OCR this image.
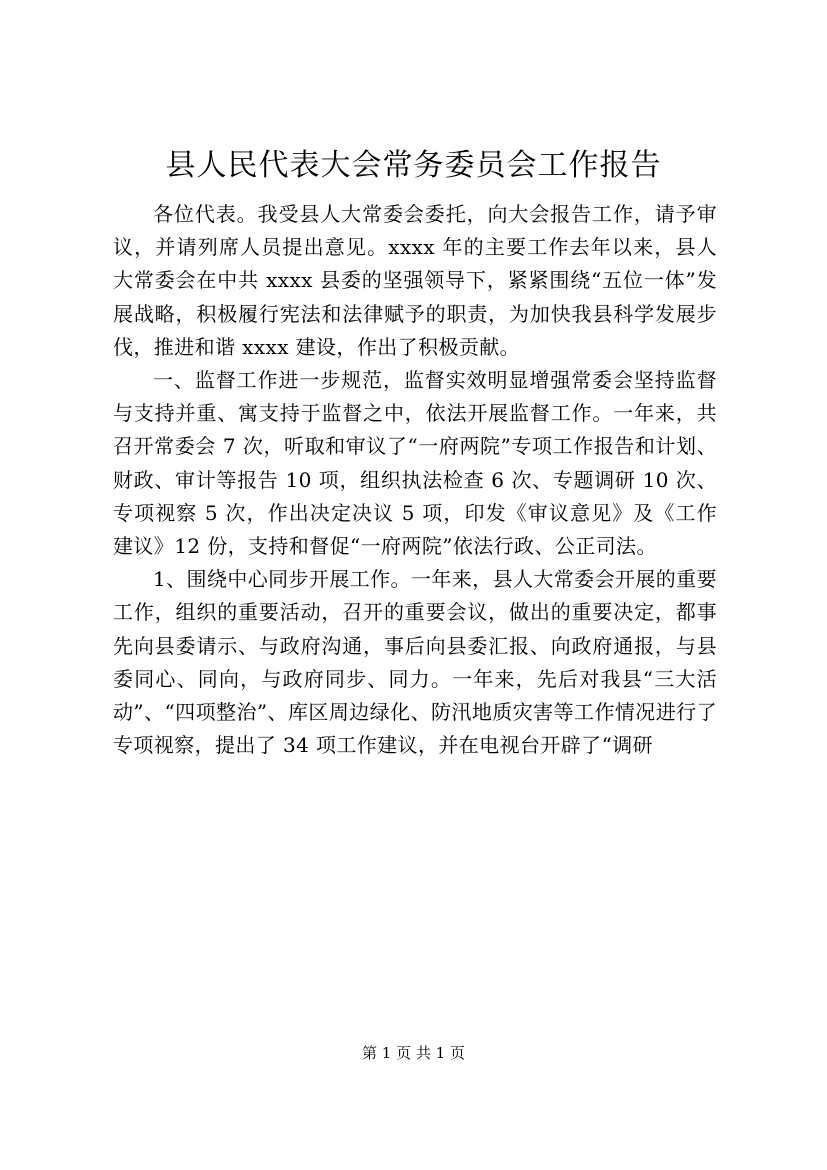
县人民代表大会常务委员会工作报告

各位代表。我受县人大常委会委托，向大会报告工作，请予审议，并请列席人员提出意见。xxxx 年的主要工作去年以来，县人大常委会在中共 xxxx 县委的坚强领导下，紧紧围绕“五位一体”发展战略，积极履行宪法和法律赋予的职责，为加快我县科学发展步伐，推进和谐 xxxx 建设，作出了积极贡献。

一、监督工作进一步规范，监督实效明显增强常委会坚持监督与支持并重、寓支持于监督之中，依法开展监督工作。一年来，共召开常委会 7 次，听取和审议了“一府两院”专项工作报告和计划、财政、审计等报告 10 项，组织执法检查 6 次、专题调研 10 次、专项视察 5 次，作出决定决议 5 项，印发《审议意见》及《工作建议》12 份，支持和督促“一府两院”依法行政、公正司法。

1、围绕中心同步开展工作。一年来，县人大常委会开展的重要工作，组织的重要活动，召开的重要会议，做出的重要决定，都事先向县委请示、与政府沟通，事后向县委汇报、向政府通报，与县委同心、同向，与政府同步、同力。一年来，先后对我县“三大活动”、“四项整治”、库区周边绿化、防汛地质灾害等工作情况进行了专项视察，提出了 34 项工作建议，并在电视台开辟了“调研

第 1 页 共 1 页
